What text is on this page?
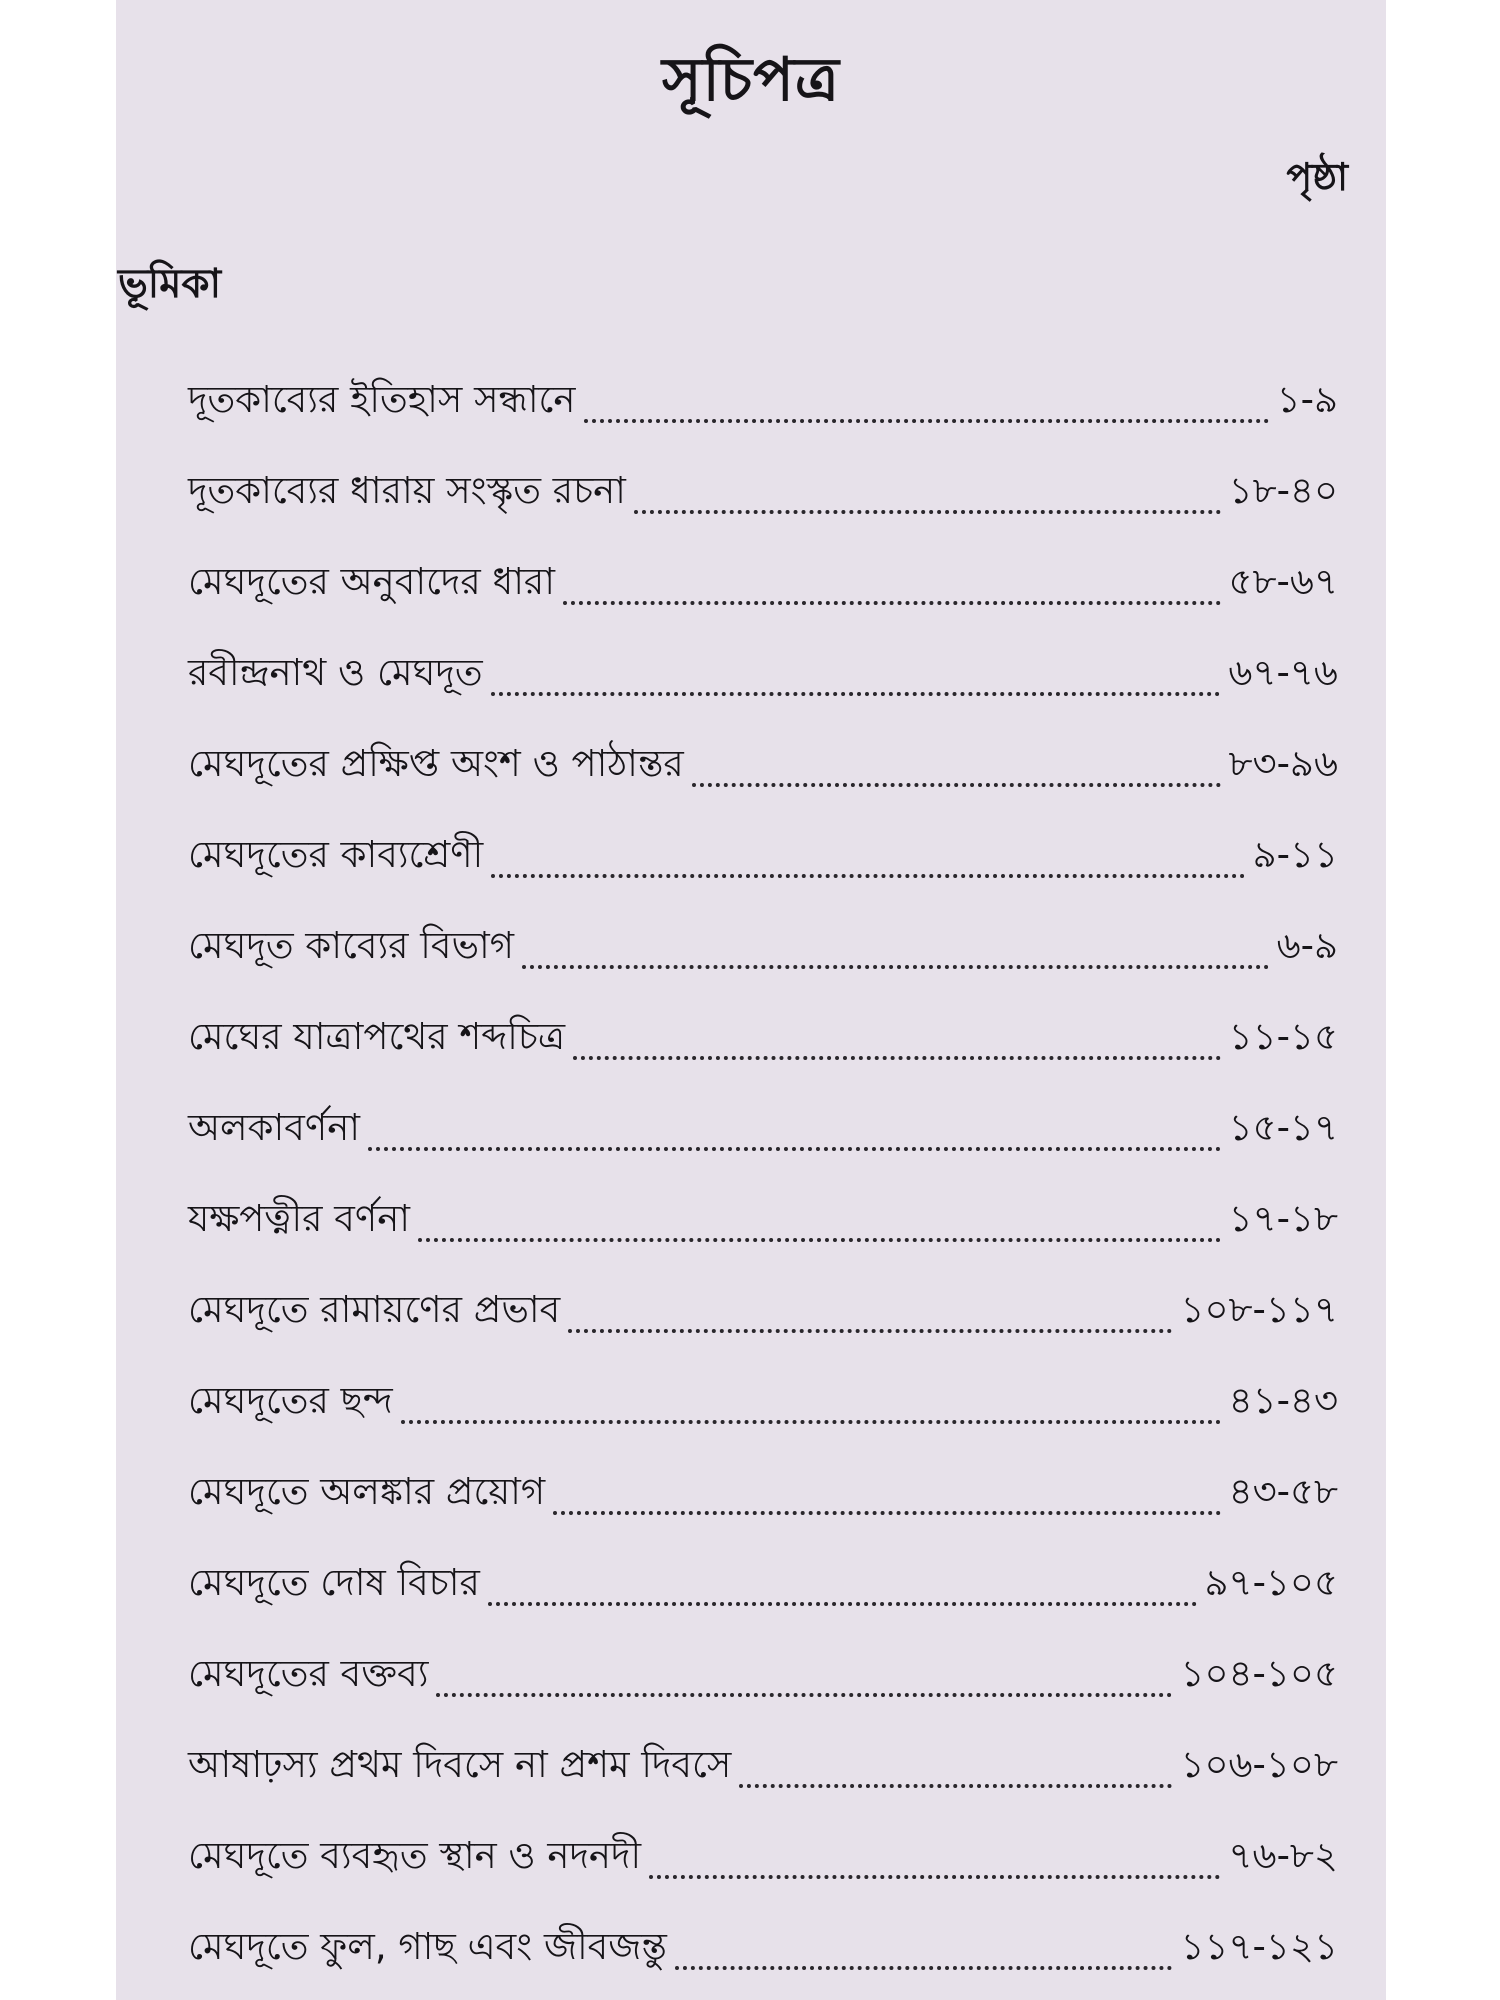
সূচিপত্র
পৃষ্ঠা
ভূমিকা
দূতকাব্যের ইতিহাস সন্ধানে	১-৯
দূতকাব্যের ধারায় সংস্কৃত রচনা	১৮-৪০
মেঘদূতের অনুবাদের ধারা	৫৮-৬৭
রবীন্দ্রনাথ ও মেঘদূত	৬৭-৭৬
মেঘদূতের প্রক্ষিপ্ত অংশ ও পাঠান্তর	৮৩-৯৬
মেঘদূতের কাব্যশ্রেণী	৯-১১
মেঘদূত কাব্যের বিভাগ	৬-৯
মেঘের যাত্রাপথের শব্দচিত্র	১১-১৫
অলকাবর্ণনা	১৫-১৭
যক্ষপত্নীর বর্ণনা	১৭-১৮
মেঘদূতে রামায়ণের প্রভাব	১০৮-১১৭
মেঘদূতের ছন্দ	৪১-৪৩
মেঘদূতে অলঙ্কার প্রয়োগ	৪৩-৫৮
মেঘদূতে দোষ বিচার	৯৭-১০৫
মেঘদূতের বক্তব্য	১০৪-১০৫
আষাঢ়স্য প্রথম দিবসে না প্রশম দিবসে	১০৬-১০৮
মেঘদূতে ব্যবহৃত স্থান ও নদনদী	৭৬-৮২
মেঘদূতে ফুল, গাছ এবং জীবজন্তু	১১৭-১২১
